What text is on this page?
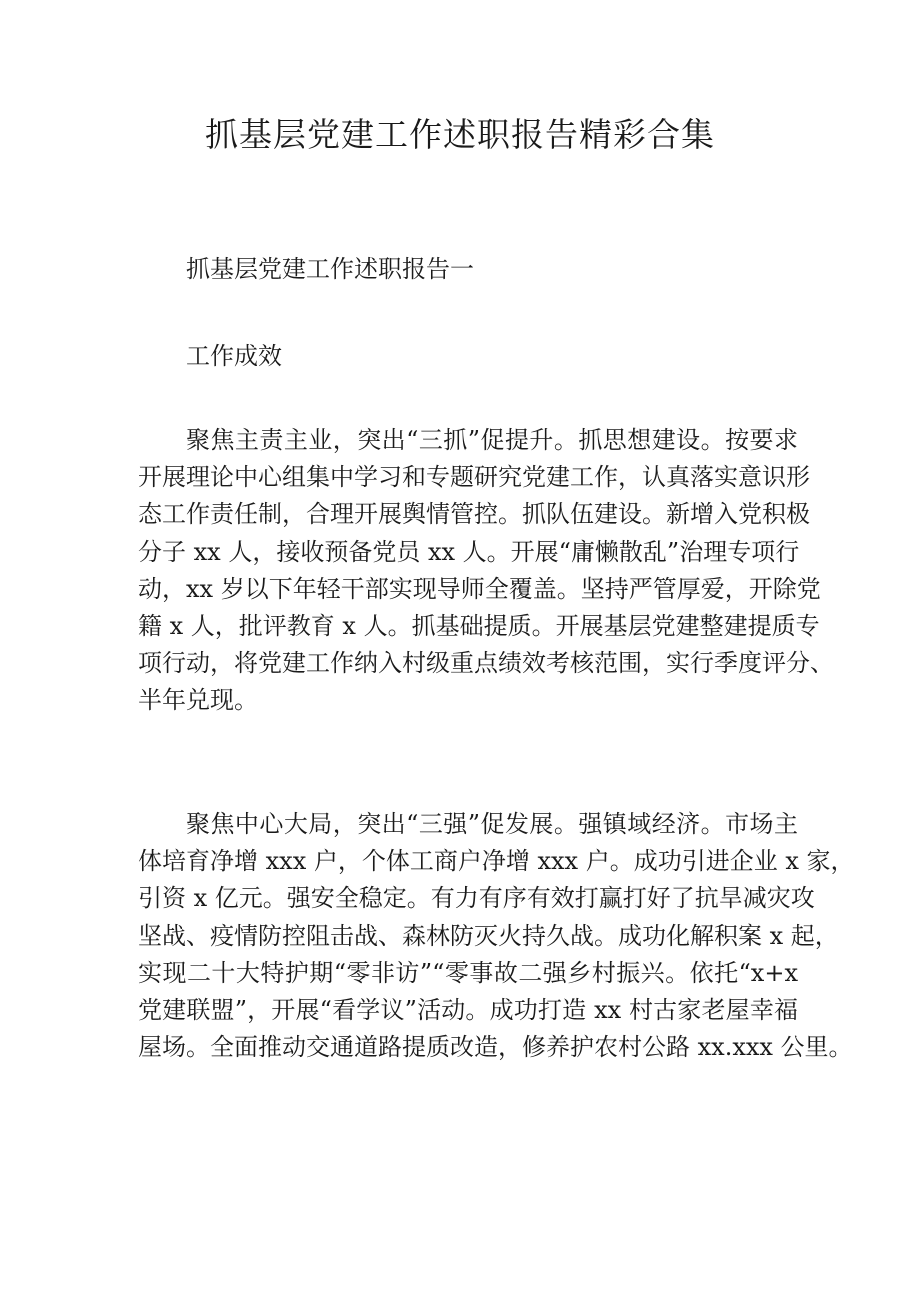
抓基层党建工作述职报告精彩合集

抓基层党建工作述职报告一

工作成效

聚焦主责主业，突出“三抓”促提升。抓思想建设。按要求
开展理论中心组集中学习和专题研究党建工作，认真落实意识形
态工作责任制，合理开展舆情管控。抓队伍建设。新增入党积极
分子 xx 人，接收预备党员 xx 人。开展“庸懒散乱”治理专项行
动，xx 岁以下年轻干部实现导师全覆盖。坚持严管厚爱，开除党
籍 x 人，批评教育 x 人。抓基础提质。开展基层党建整建提质专
项行动，将党建工作纳入村级重点绩效考核范围，实行季度评分、
半年兑现。
聚焦中心大局，突出“三强”促发展。强镇域经济。市场主
体培育净增 xxx 户，个体工商户净增 xxx 户。成功引进企业 x 家，
引资 x 亿元。强安全稳定。有力有序有效打赢打好了抗旱减灾攻
坚战、疫情防控阻击战、森林防灭火持久战。成功化解积案 x 起，
实现二十大特护期“零非访”“零事故二强乡村振兴。依托“x+x
党建联盟”，开展“看学议”活动。成功打造 xx 村古家老屋幸福
屋场。全面推动交通道路提质改造，修养护农村公路 xx.xxx 公里。
